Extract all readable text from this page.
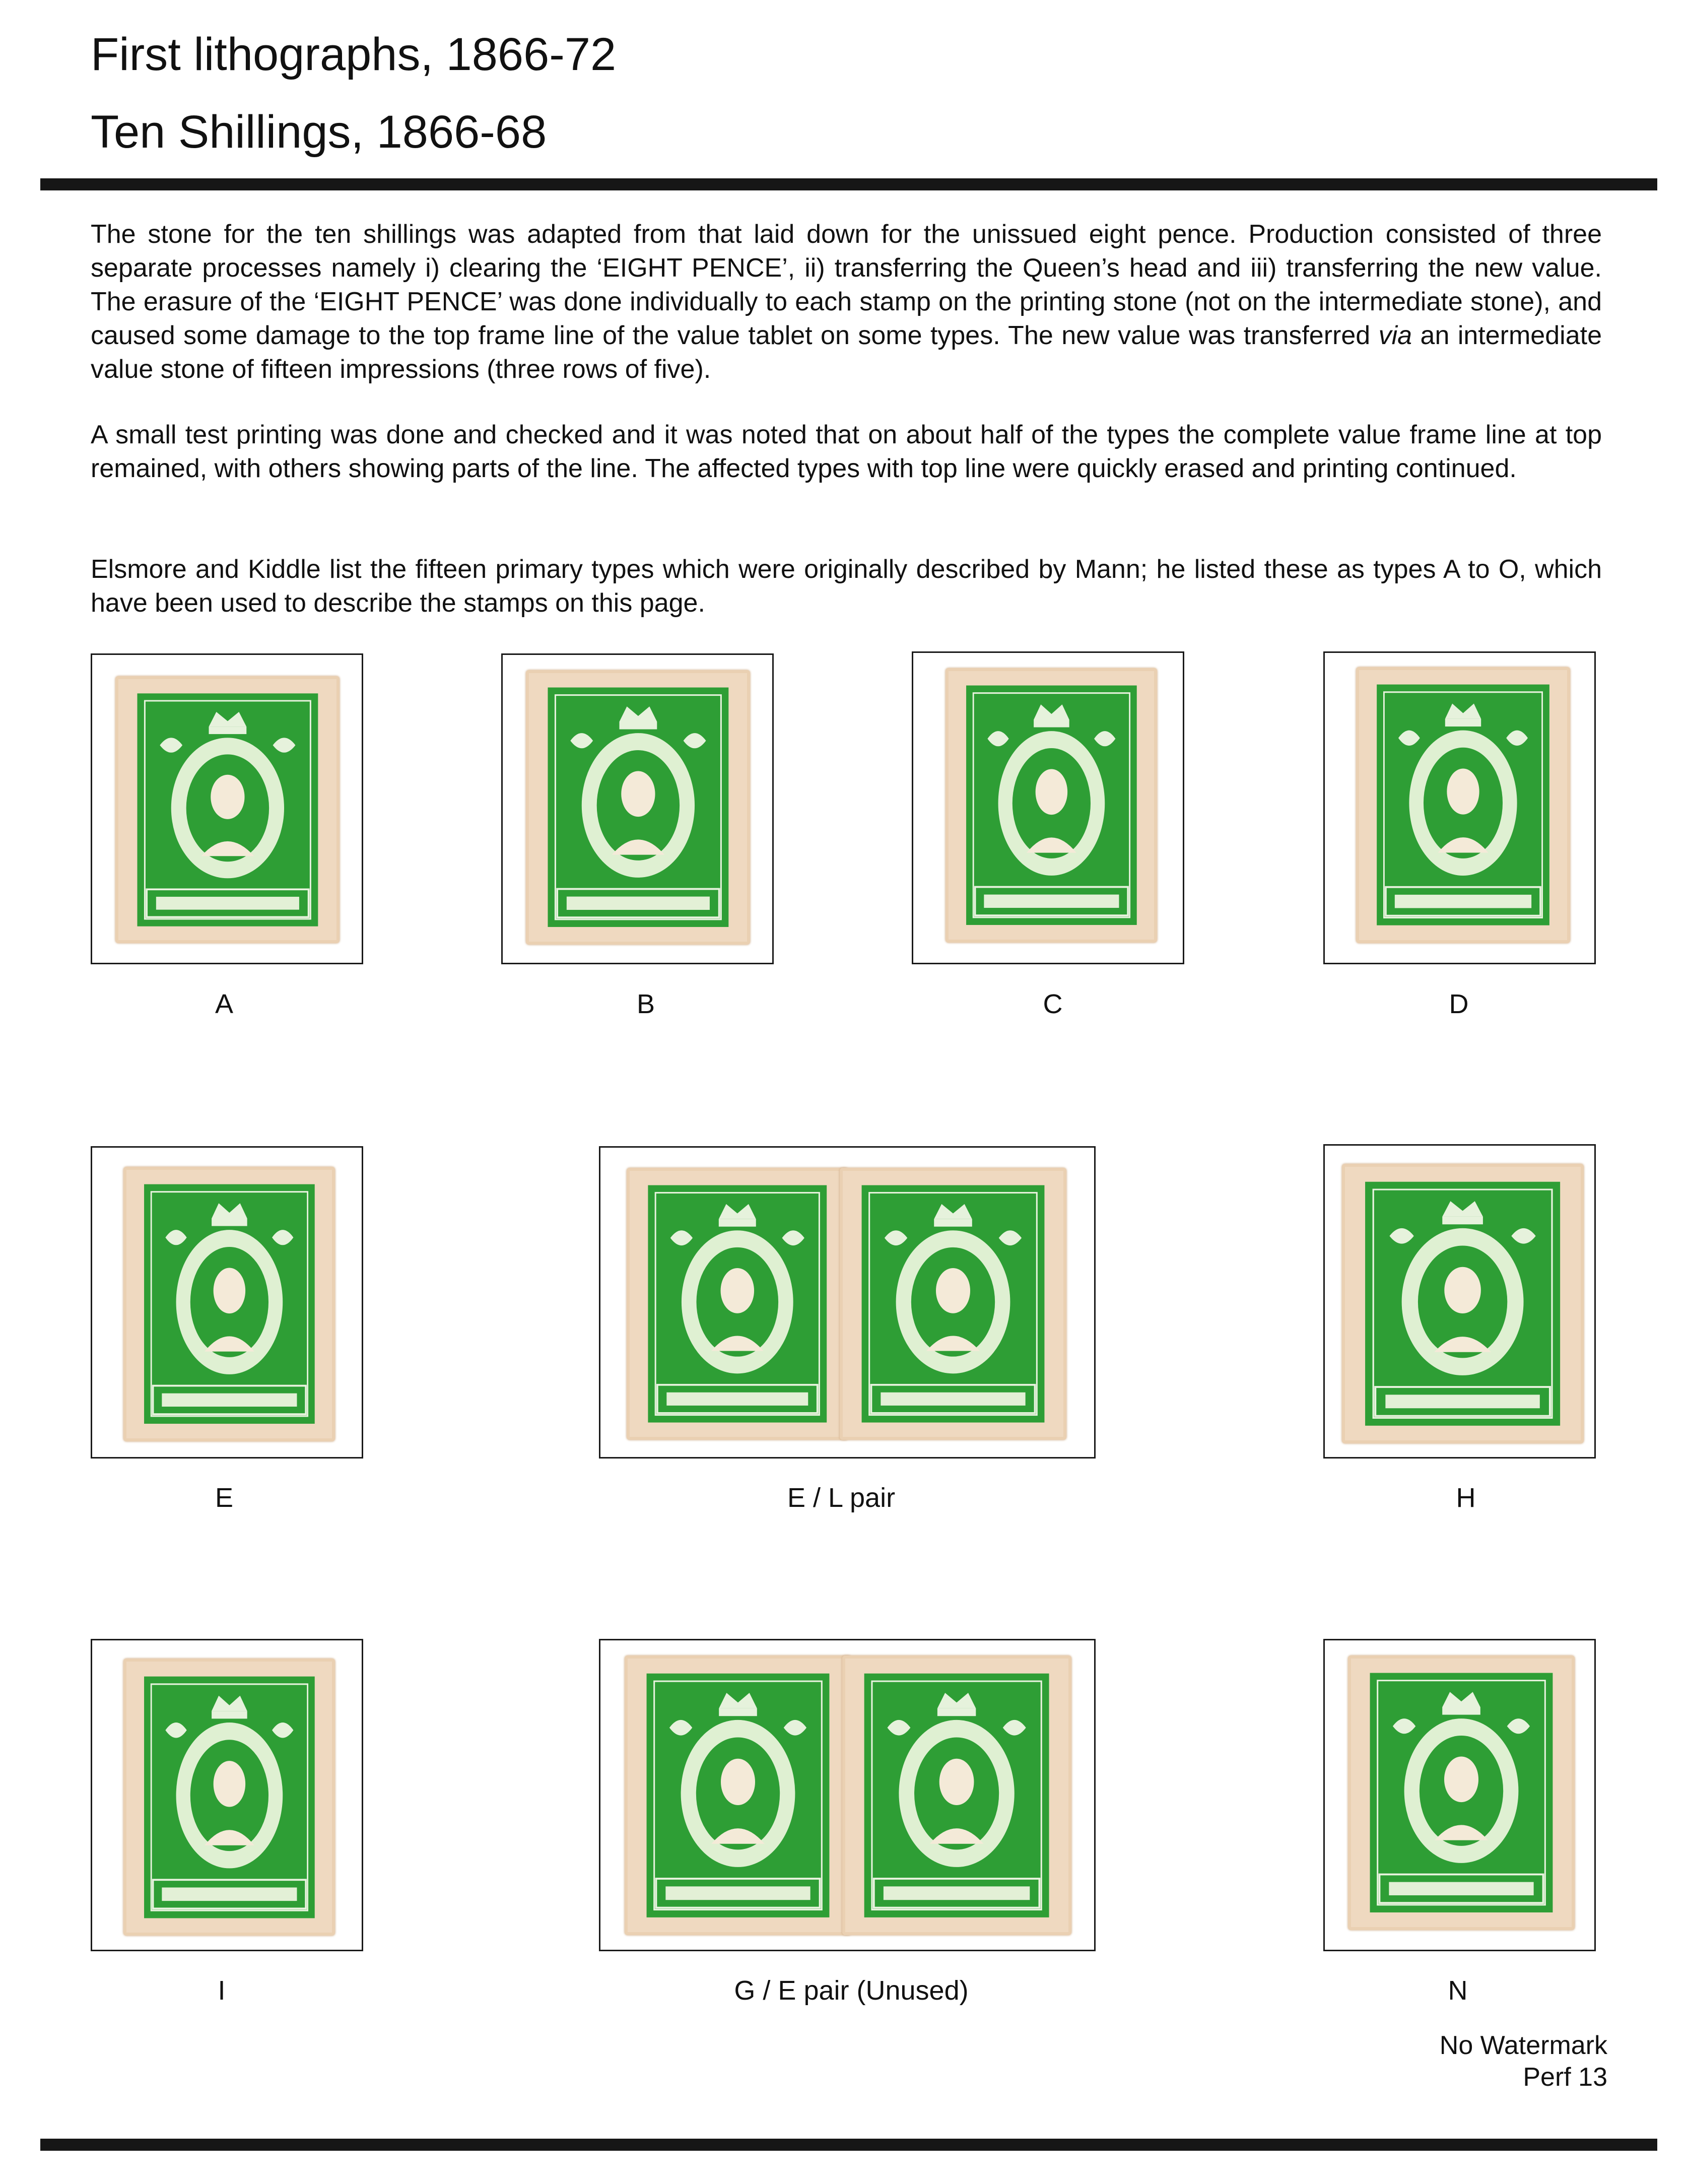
First lithographs, 1866-72
Ten Shillings, 1866-68

The stone for the ten shillings was adapted from that laid down for the unissued eight pence. Production consisted of three separate processes namely i) clearing the ‘EIGHT PENCE’, ii) transferring the Queen’s head and iii) transferring the new value. The erasure of the ‘EIGHT PENCE’ was done individually to each stamp on the printing stone (not on the intermediate stone), and caused some damage to the top frame line of the value tablet on some types. The new value was transferred via an intermediate value stone of fifteen impressions (three rows of five).

A small test printing was done and checked and it was noted that on about half of the types the complete value frame line at top remained, with others showing parts of the line. The affected types with top line were quickly erased and printing continued.

Elsmore and Kiddle list the fifteen primary types which were originally described by Mann; he listed these as types A to O, which have been used to describe the stamps on this page.

A	B	C	D
E	E / L pair	H
I	G / E pair (Unused)	N
No Watermark
Perf 13
